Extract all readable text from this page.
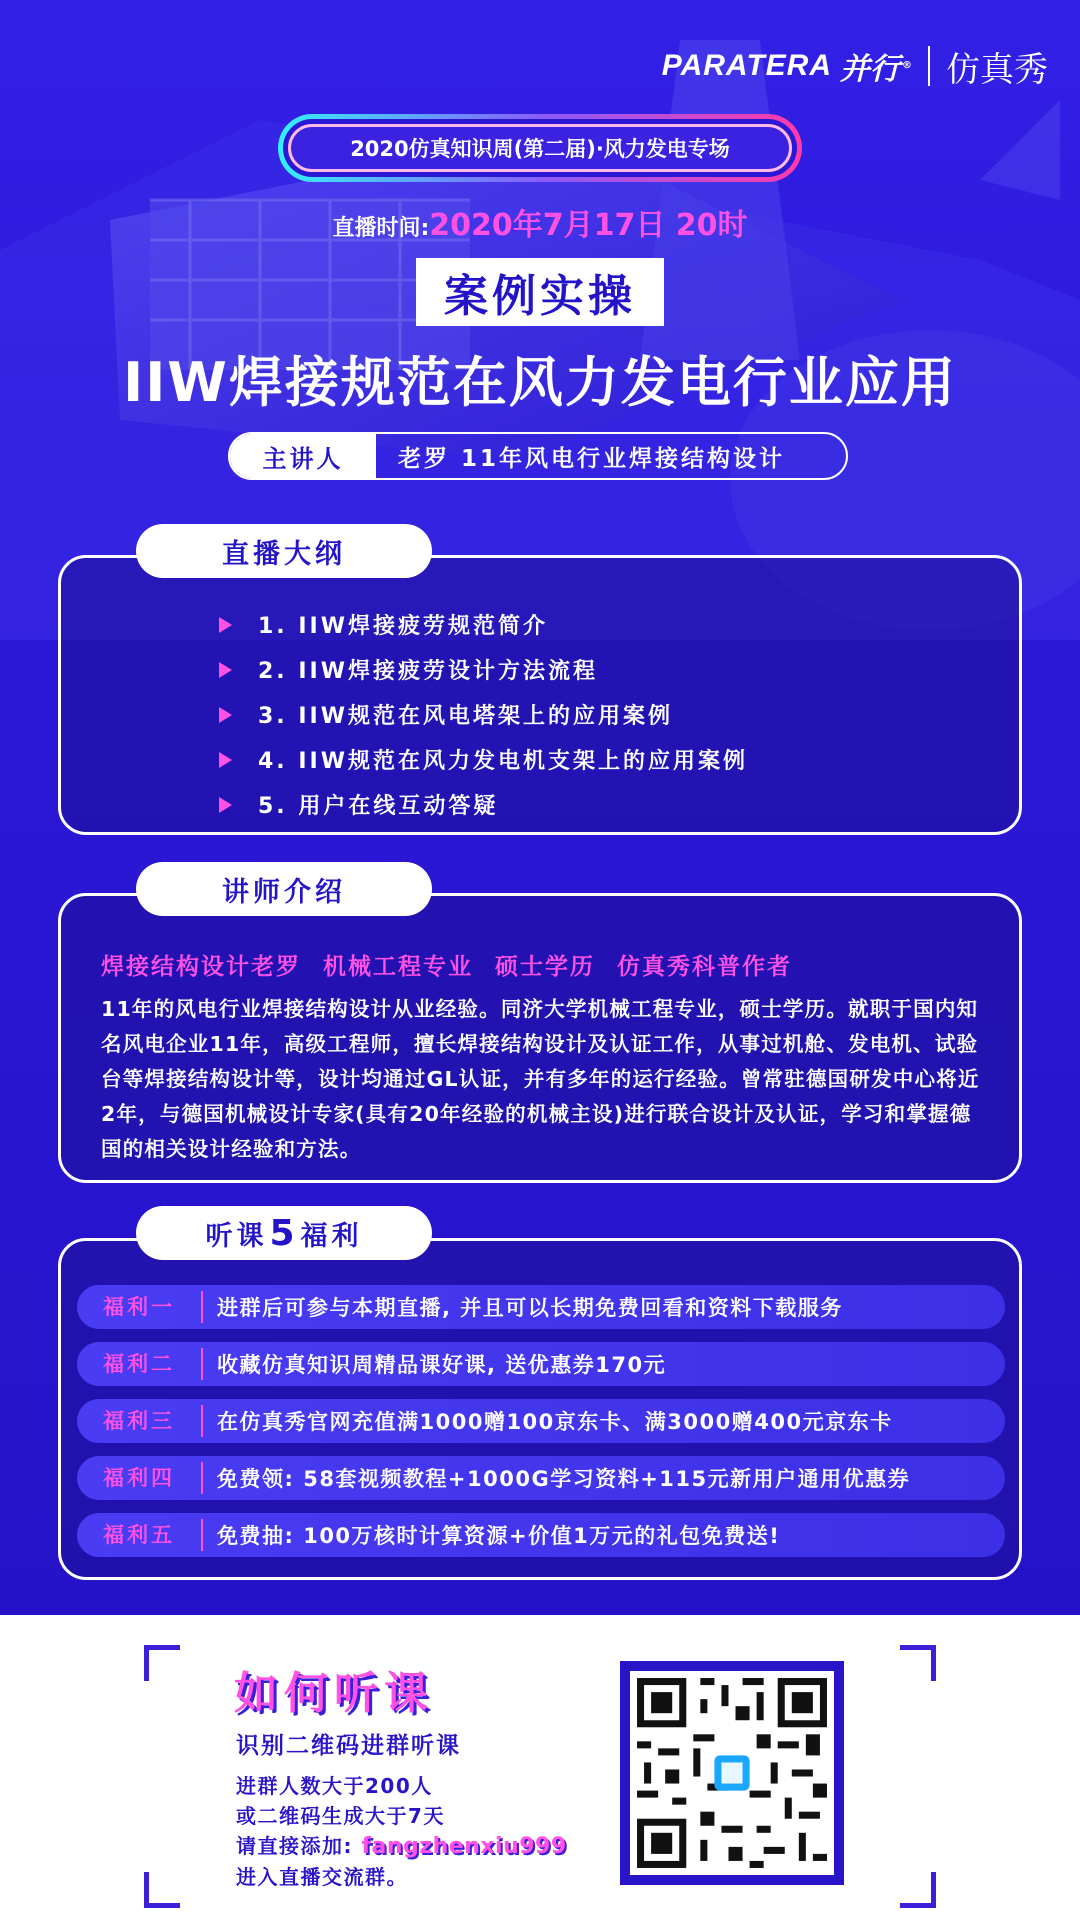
PARATERA 并行 ® 仿真秀
2020仿真知识周(第二届)·风力发电专场
直播时间:2020年7月17日 20时
案例实操
IIW焊接规范在风力发电行业应用
主讲人	老罗 11年风电行业焊接结构设计
1. IIW焊接疲劳规范简介
2. IIW焊接疲劳设计方法流程
3. IIW规范在风电塔架上的应用案例
4. IIW规范在风力发电机支架上的应用案例
5. 用户在线互动答疑
直播大纲
焊接结构设计老罗 机械工程专业 硕士学历 仿真秀科普作者
11年的风电行业焊接结构设计从业经验。同济大学机械工程专业，硕士学历。就职于国内知名风电企业11年，高级工程师，擅长焊接结构设计及认证工作，从事过机舱、发电机、试验台等焊接结构设计等，设计均通过GL认证，并有多年的运行经验。曾常驻德国研发中心将近2年，与德国机械设计专家(具有20年经验的机械主设)进行联合设计及认证，学习和掌握德国的相关设计经验和方法。
讲师介绍
福利一	进群后可参与本期直播, 并且可以长期免费回看和资料下载服务
福利二	收藏仿真知识周精品课好课, 送优惠券170元
福利三	在仿真秀官网充值满1000赠100京东卡、满3000赠400元京东卡
福利四	免费领: 58套视频教程+1000G学习资料+115元新用户通用优惠券
福利五	免费抽: 100万核时计算资源+价值1万元的礼包免费送!
听课 5 福利
如何听课
识别二维码进群听课
进群人数大于200人
或二维码生成大于7天
请直接添加: fangzhenxiu999
进入直播交流群。
